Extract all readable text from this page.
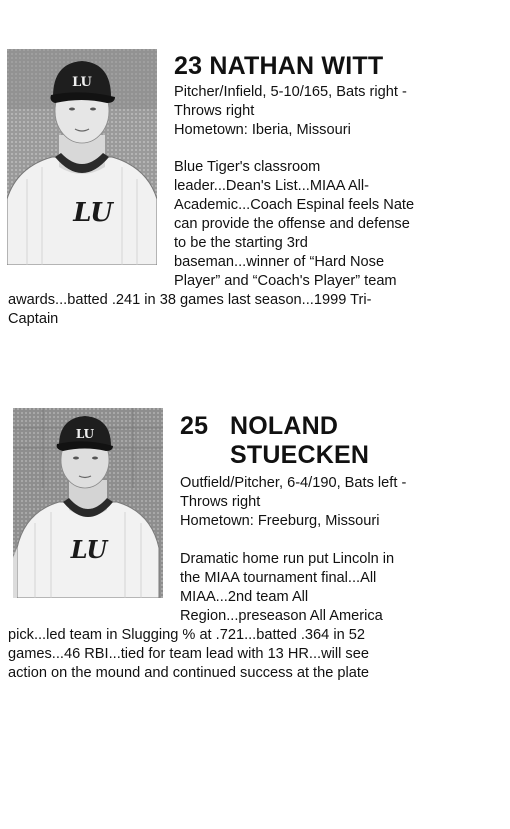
LU
LU
23 NATHAN WITT

Pitcher/Infield, 5-10/165, Bats right -

Throws right

Hometown: Iberia, Missouri

Blue Tiger's classroom
leader...Dean's List...MIAA All-
Academic...Coach Espinal feels Nate
can provide the offense and defense
to be the starting 3rd
baseman...winner of “Hard Nose
Player” and “Coach's Player” team
awards...batted .241 in 38 games last season...1999 Tri-
Captain
LU
LU
25 NOLAND
STUECKEN

Outfield/Pitcher, 6-4/190, Bats left -

Throws right

Hometown: Freeburg, Missouri

Dramatic home run put Lincoln in
the MIAA tournament final...All
MIAA...2nd team All
Region...preseason All America
pick...led team in Slugging % at .721...batted .364 in 52
games...46 RBI...tied for team lead with 13 HR...will see
action on the mound and continued success at the plate
